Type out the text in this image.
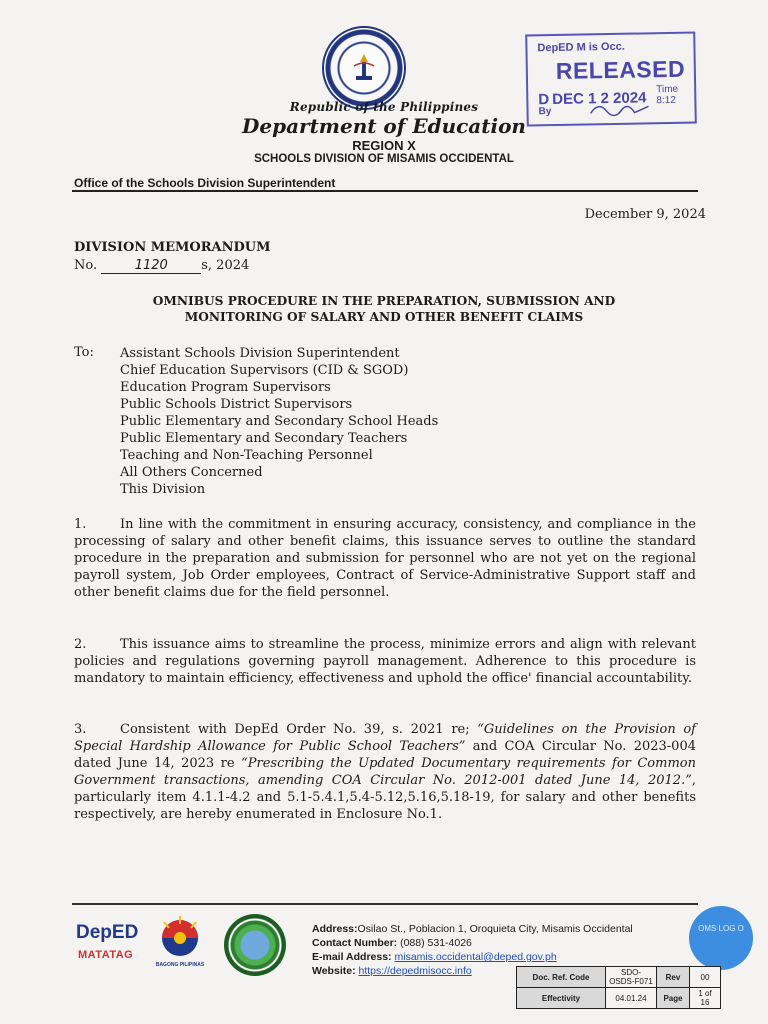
Republic of the Philippines
Department of Education
REGION X
SCHOOLS DIVISION OF MISAMIS OCCIDENTAL
Office of the Schools Division Superintendent
DepED M is Occ.
RELEASED
D  DEC 1 2 2024 Time 8:12
By
December 9, 2024
DIVISION MEMORANDUM
No.	1120	s, 2024
OMNIBUS PROCEDURE IN THE PREPARATION, SUBMISSION AND
MONITORING OF SALARY AND OTHER BENEFIT CLAIMS
To: Assistant Schools Division Superintendent
Chief Education Supervisors (CID & SGOD)
Education Program Supervisors
Public Schools District Supervisors
Public Elementary and Secondary School Heads
Public Elementary and Secondary Teachers
Teaching and Non-Teaching Personnel
All Others Concerned
This Division

1.	In line with the commitment in ensuring accuracy, consistency, and compliance in the processing of salary and other benefit claims, this issuance serves to outline the standard procedure in the preparation and submission for personnel who are not yet on the regional payroll system, Job Order employees, Contract of Service-Administrative Support staff and other benefit claims due for the field personnel.

2.	This issuance aims to streamline the process, minimize errors and align with relevant policies and regulations governing payroll management. Adherence to this procedure is mandatory to maintain efficiency, effectiveness and uphold the office' financial accountability.

3.	Consistent with DepEd Order No. 39, s. 2021 re; “Guidelines on the Provision of Special Hardship Allowance for Public School Teachers” and COA Circular No. 2023-004 dated June 14, 2023 re “Prescribing the Updated Documentary requirements for Common Government transactions, amending COA Circular No. 2012-001 dated June 14, 2012.”, particularly item 4.1.1-4.2 and 5.1-5.4.1,5.4-5.12,5.16,5.18-19, for salary and other benefits respectively, are hereby enumerated in Enclosure No.1.

DepED
MATATAG
BAGONG PILIPINAS
Address:Osilao St., Poblacion 1, Oroquieta City, Misamis Occidental
Contact Number: (088) 531-4026
E-mail Address: misamis.occidental@deped.gov.ph
Website: https://depedmisocc.info
OMS LOG O
Doc. Ref. Code	SDO-OSDS-F071	Rev	00
Effectivity	04.01.24	Page	1 of 16
